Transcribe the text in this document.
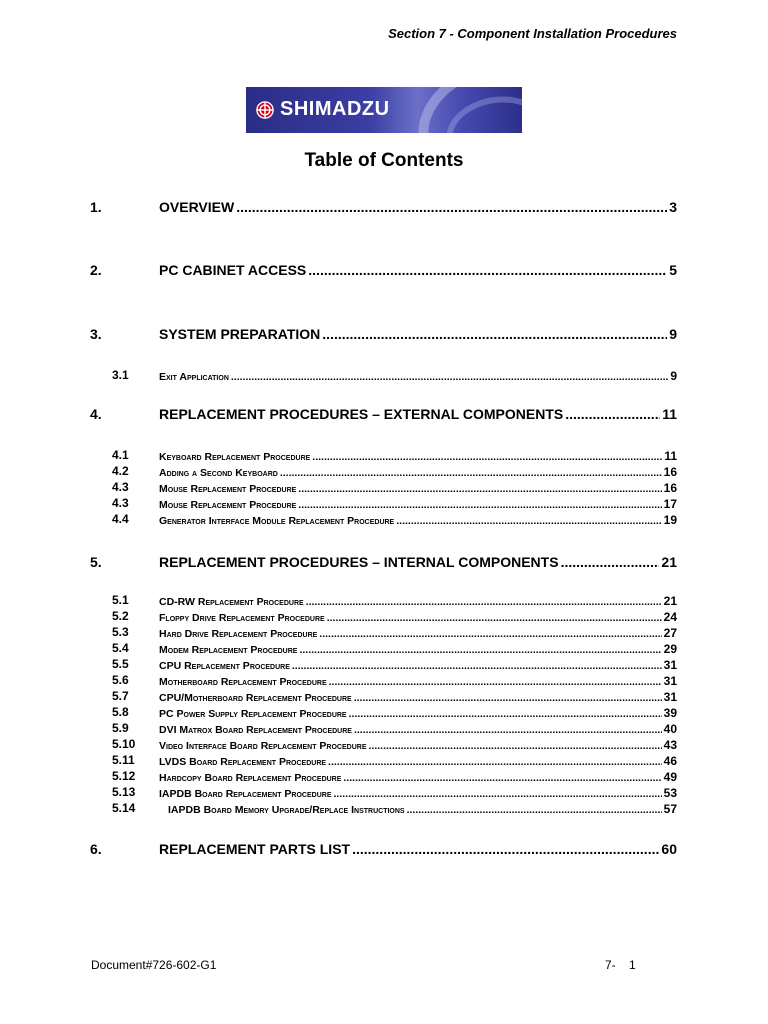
Section 7 - Component Installation Procedures
SHIMADZU
Table of Contents
1.	OVERVIEW .....	3
2.	PC CABINET ACCESS .....	5
3.	SYSTEM PREPARATION .....	9
3.1	Exit Application .....	9
4.	REPLACEMENT PROCEDURES – EXTERNAL COMPONENTS .....	11
4.1	Keyboard Replacement Procedure .....	11
4.2	Adding a Second Keyboard .....	16
4.3	Mouse Replacement Procedure .....	16
4.3	Mouse Replacement Procedure .....	17
4.4	Generator Interface Module Replacement Procedure .....	19
5.	REPLACEMENT PROCEDURES – INTERNAL COMPONENTS .....	21
5.1	CD-RW Replacement Procedure .....	21
5.2	Floppy Drive Replacement Procedure .....	24
5.3	Hard Drive Replacement Procedure .....	27
5.4	Modem Replacement Procedure .....	29
5.5	CPU Replacement Procedure .....	31
5.6	Motherboard Replacement Procedure .....	31
5.7	CPU/Motherboard Replacement Procedure .....	31
5.8	PC Power Supply Replacement Procedure .....	39
5.9	DVI Matrox Board Replacement Procedure .....	40
5.10 Video Interface Board Replacement Procedure .....	43
5.11 LVDS Board Replacement Procedure .....	46
5.12 Hardcopy Board Replacement Procedure .....	49
5.13 IAPDB Board Replacement Procedure .....	53
5.14	IAPDB Board Memory Upgrade/Replace Instructions .....	57
6.	REPLACEMENT PARTS LIST .....	60
Document#726-602-G1	7-    1
